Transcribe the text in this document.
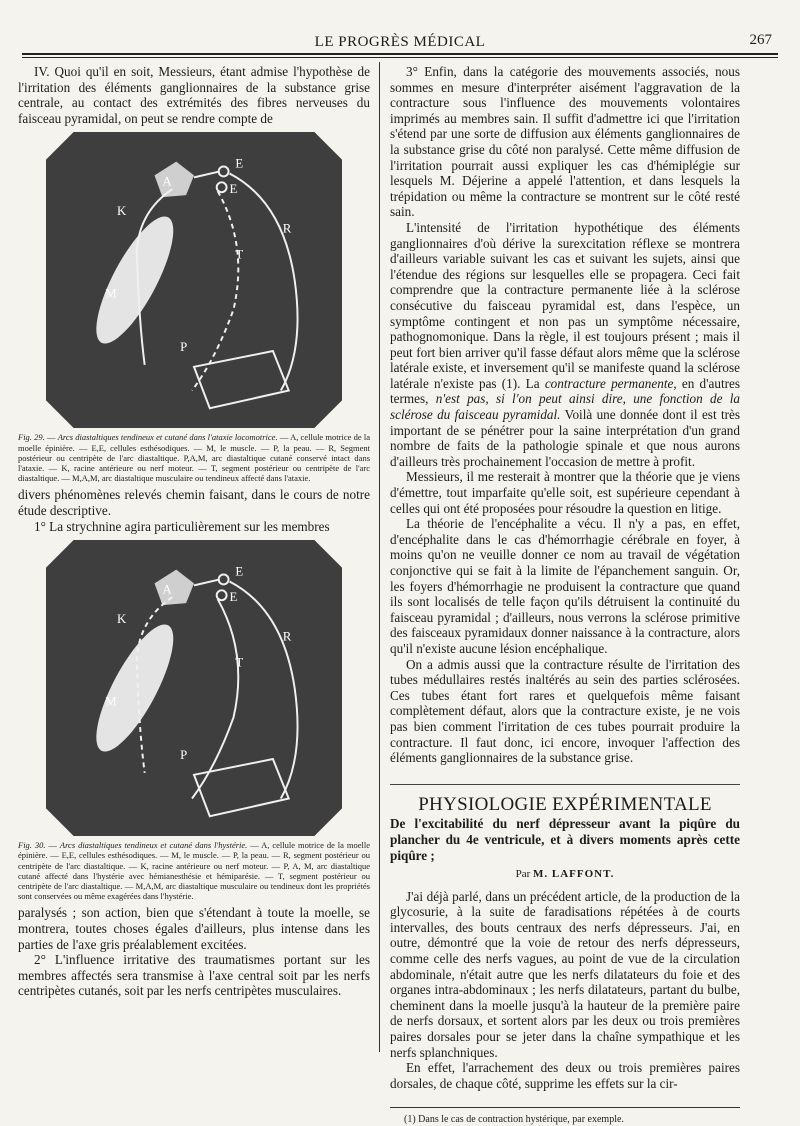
LE PROGRÈS MÉDICAL	267

IV. Quoi qu'il en soit, Messieurs, étant admise l'hypothèse de l'irritation des éléments ganglionnaires de la substance grise centrale, au contact des extrémités des fibres nerveuses du faisceau pyramidal, on peut se rendre compte de

A
E
E
K
M
R
T
P

Fig. 29. — Arcs diastaltiques tendineux et cutané dans l'ataxie locomotrice. — A, cellule motrice de la moelle épinière. — E,E, cellules esthésodiques. — M, le muscle. — P, la peau. — R, Segment postérieur ou centripète de l'arc diastaltique. P,A,M, arc diastaltique cutané conservé intact dans l'ataxie. — K, racine antérieure ou nerf moteur. — T, segment postérieur ou centripète de l'arc diastaltique. — M,A,M, arc diastaltique musculaire ou tendineux affecté dans l'ataxie.

divers phénomènes relevés chemin faisant, dans le cours de notre étude descriptive.

1° La strychnine agira particulièrement sur les membres

A
E
E
K
M
R
T
P

Fig. 30. — Arcs diastaltiques tendineux et cutané dans l'hystérie. — A, cellule motrice de la moelle épinière. — E,E, cellules esthésodiques. — M, le muscle. — P, la peau. — R, segment postérieur ou centripète de l'arc diastaltique. — K, racine antérieure ou nerf moteur. — P, A, M, arc diastaltique cutané affecté dans l'hystérie avec hémianesthésie et hémiparésie. — T, segment postérieur ou centripète de l'arc diastaltique. — M,A,M, arc diastaltique musculaire ou tendineux dont les propriétés sont conservées ou même exagérées dans l'hystérie.

paralysés ; son action, bien que s'étendant à toute la moelle, se montrera, toutes choses égales d'ailleurs, plus intense dans les parties de l'axe gris préalablement excitées.

2° L'influence irritative des traumatismes portant sur les membres affectés sera transmise à l'axe central soit par les nerfs centripètes cutanés, soit par les nerfs centripètes musculaires.

3° Enfin, dans la catégorie des mouvements associés, nous sommes en mesure d'interpréter aisément l'aggravation de la contracture sous l'influence des mouvements volontaires imprimés au membres sain. Il suffit d'admettre ici que l'irritation s'étend par une sorte de diffusion aux éléments ganglionnaires de la substance grise du côté non paralysé. Cette même diffusion de l'irritation pourrait aussi expliquer les cas d'hémiplégie sur lesquels M. Déjerine a appelé l'attention, et dans lesquels la trépidation ou même la contracture se montrent sur le côté resté sain.

L'intensité de l'irritation hypothétique des éléments ganglionnaires d'où dérive la surexcitation réflexe se montrera d'ailleurs variable suivant les cas et suivant les sujets, ainsi que l'étendue des régions sur lesquelles elle se propagera. Ceci fait comprendre que la contracture permanente liée à la sclérose consécutive du faisceau pyramidal est, dans l'espèce, un symptôme contingent et non pas un symptôme nécessaire, pathognomonique. Dans la règle, il est toujours présent ; mais il peut fort bien arriver qu'il fasse défaut alors même que la sclérose latérale existe, et inversement qu'il se manifeste quand la sclérose latérale n'existe pas (1). La contracture permanente, en d'autres termes, n'est pas, si l'on peut ainsi dire, une fonction de la sclérose du faisceau pyramidal. Voilà une donnée dont il est très important de se pénétrer pour la saine interprétation d'un grand nombre de faits de la pathologie spinale et que nous aurons d'ailleurs très prochainement l'occasion de mettre à profit.

Messieurs, il me resterait à montrer que la théorie que je viens d'émettre, tout imparfaite qu'elle soit, est supérieure cependant à celles qui ont été proposées pour résoudre la question en litige.

La théorie de l'encéphalite a vécu. Il n'y a pas, en effet, d'encéphalite dans le cas d'hémorrhagie cérébrale en foyer, à moins qu'on ne veuille donner ce nom au travail de végétation conjonctive qui se fait à la limite de l'épanchement sanguin. Or, les foyers d'hémorrhagie ne produisent la contracture que quand ils sont localisés de telle façon qu'ils détruisent la continuité du faisceau pyramidal ; d'ailleurs, nous verrons la sclérose primitive des faisceaux pyramidaux donner naissance à la contracture, alors qu'il n'existe aucune lésion encéphalique.

On a admis aussi que la contracture résulte de l'irritation des tubes médullaires restés inaltérés au sein des parties sclérosées. Ces tubes étant fort rares et quelquefois même faisant complètement défaut, alors que la contracture existe, je ne vois pas bien comment l'irritation de ces tubes pourrait produire la contracture. Il faut donc, ici encore, invoquer l'affection des éléments ganglionnaires de la substance grise.

PHYSIOLOGIE EXPÉRIMENTALE

De l'excitabilité du nerf dépresseur avant la piqûre du plancher du 4e ventricule, et à divers moments après cette piqûre ;

Par M. LAFFONT.

J'ai déjà parlé, dans un précédent article, de la production de la glycosurie, à la suite de faradisations répétées à de courts intervalles, des bouts centraux des nerfs dépresseurs. J'ai, en outre, démontré que la voie de retour des nerfs dépresseurs, comme celle des nerfs vagues, au point de vue de la circulation abdominale, n'était autre que les nerfs dilatateurs du foie et des organes intra-abdominaux ; les nerfs dilatateurs, partant du bulbe, cheminent dans la moelle jusqu'à la hauteur de la première paire de nerfs dorsaux, et sortent alors par les deux ou trois premières paires dorsales pour se jeter dans la chaîne sympathique et les nerfs splanchniques.

En effet, l'arrachement des deux ou trois premières paires dorsales, de chaque côté, supprime les effets sur la cir-

(1) Dans le cas de contraction hystérique, par exemple.
